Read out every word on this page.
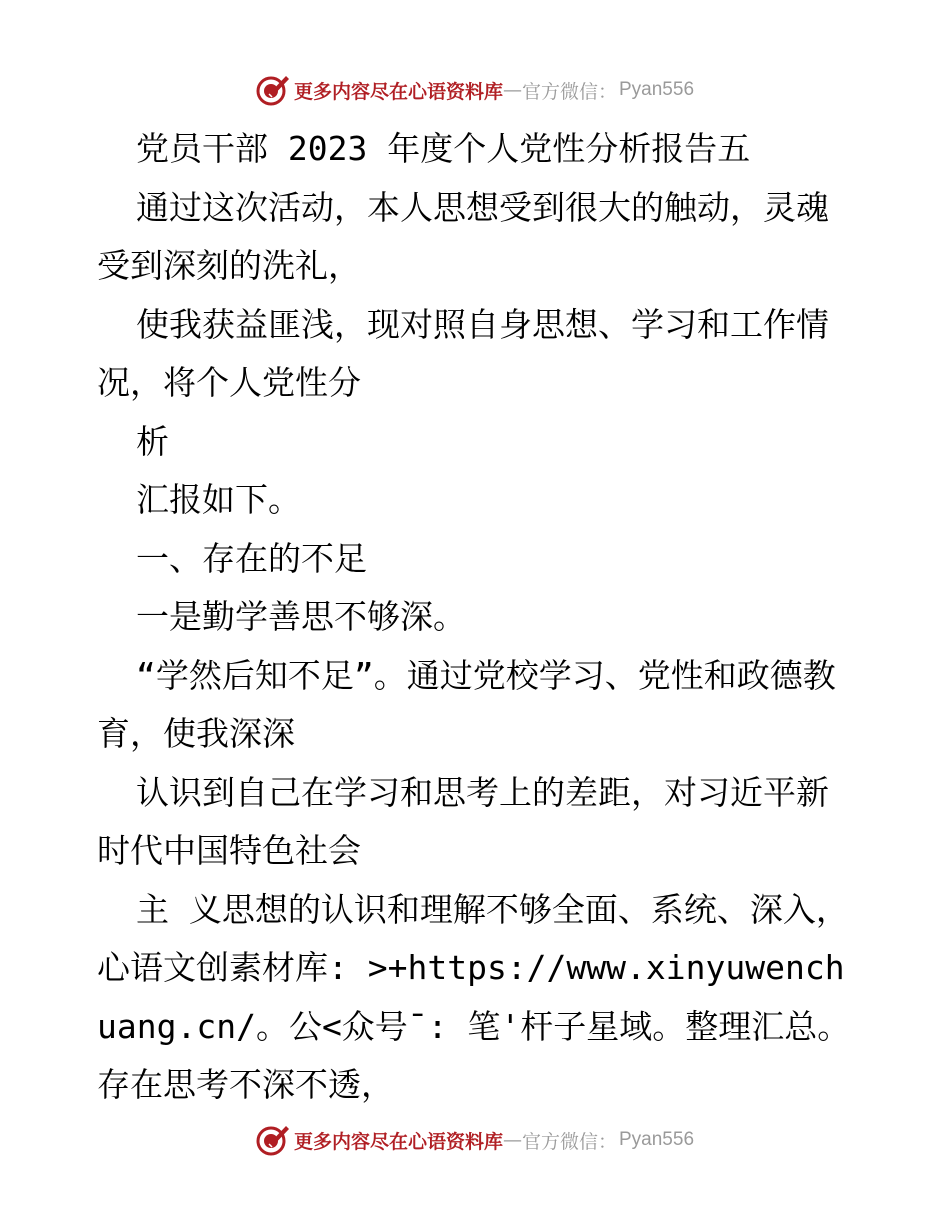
更多内容尽在心语资料库 — 官方微信： Pyan556

党员干部 2023 年度个人党性分析报告五

通过这次活动，本人思想受到很大的触动，灵魂受到深刻的洗礼，

使我获益匪浅，现对照自身思想、学习和工作情况，将个人党性分

析

汇报如下。

一、存在的不足

一是勤学善思不够深。

“学然后知不足”。通过党校学习、党性和政德教育，使我深深

认识到自己在学习和思考上的差距，对习近平新时代中国特色社会

主 义思想的认识和理解不够全面、系统、深入，心语文创素材库: >+https://www.xinyuwenchuang.cn/。公<众号¯: 笔'杆子星域。整理汇总。存在思考不深不透，

更多内容尽在心语资料库 — 官方微信： Pyan556
